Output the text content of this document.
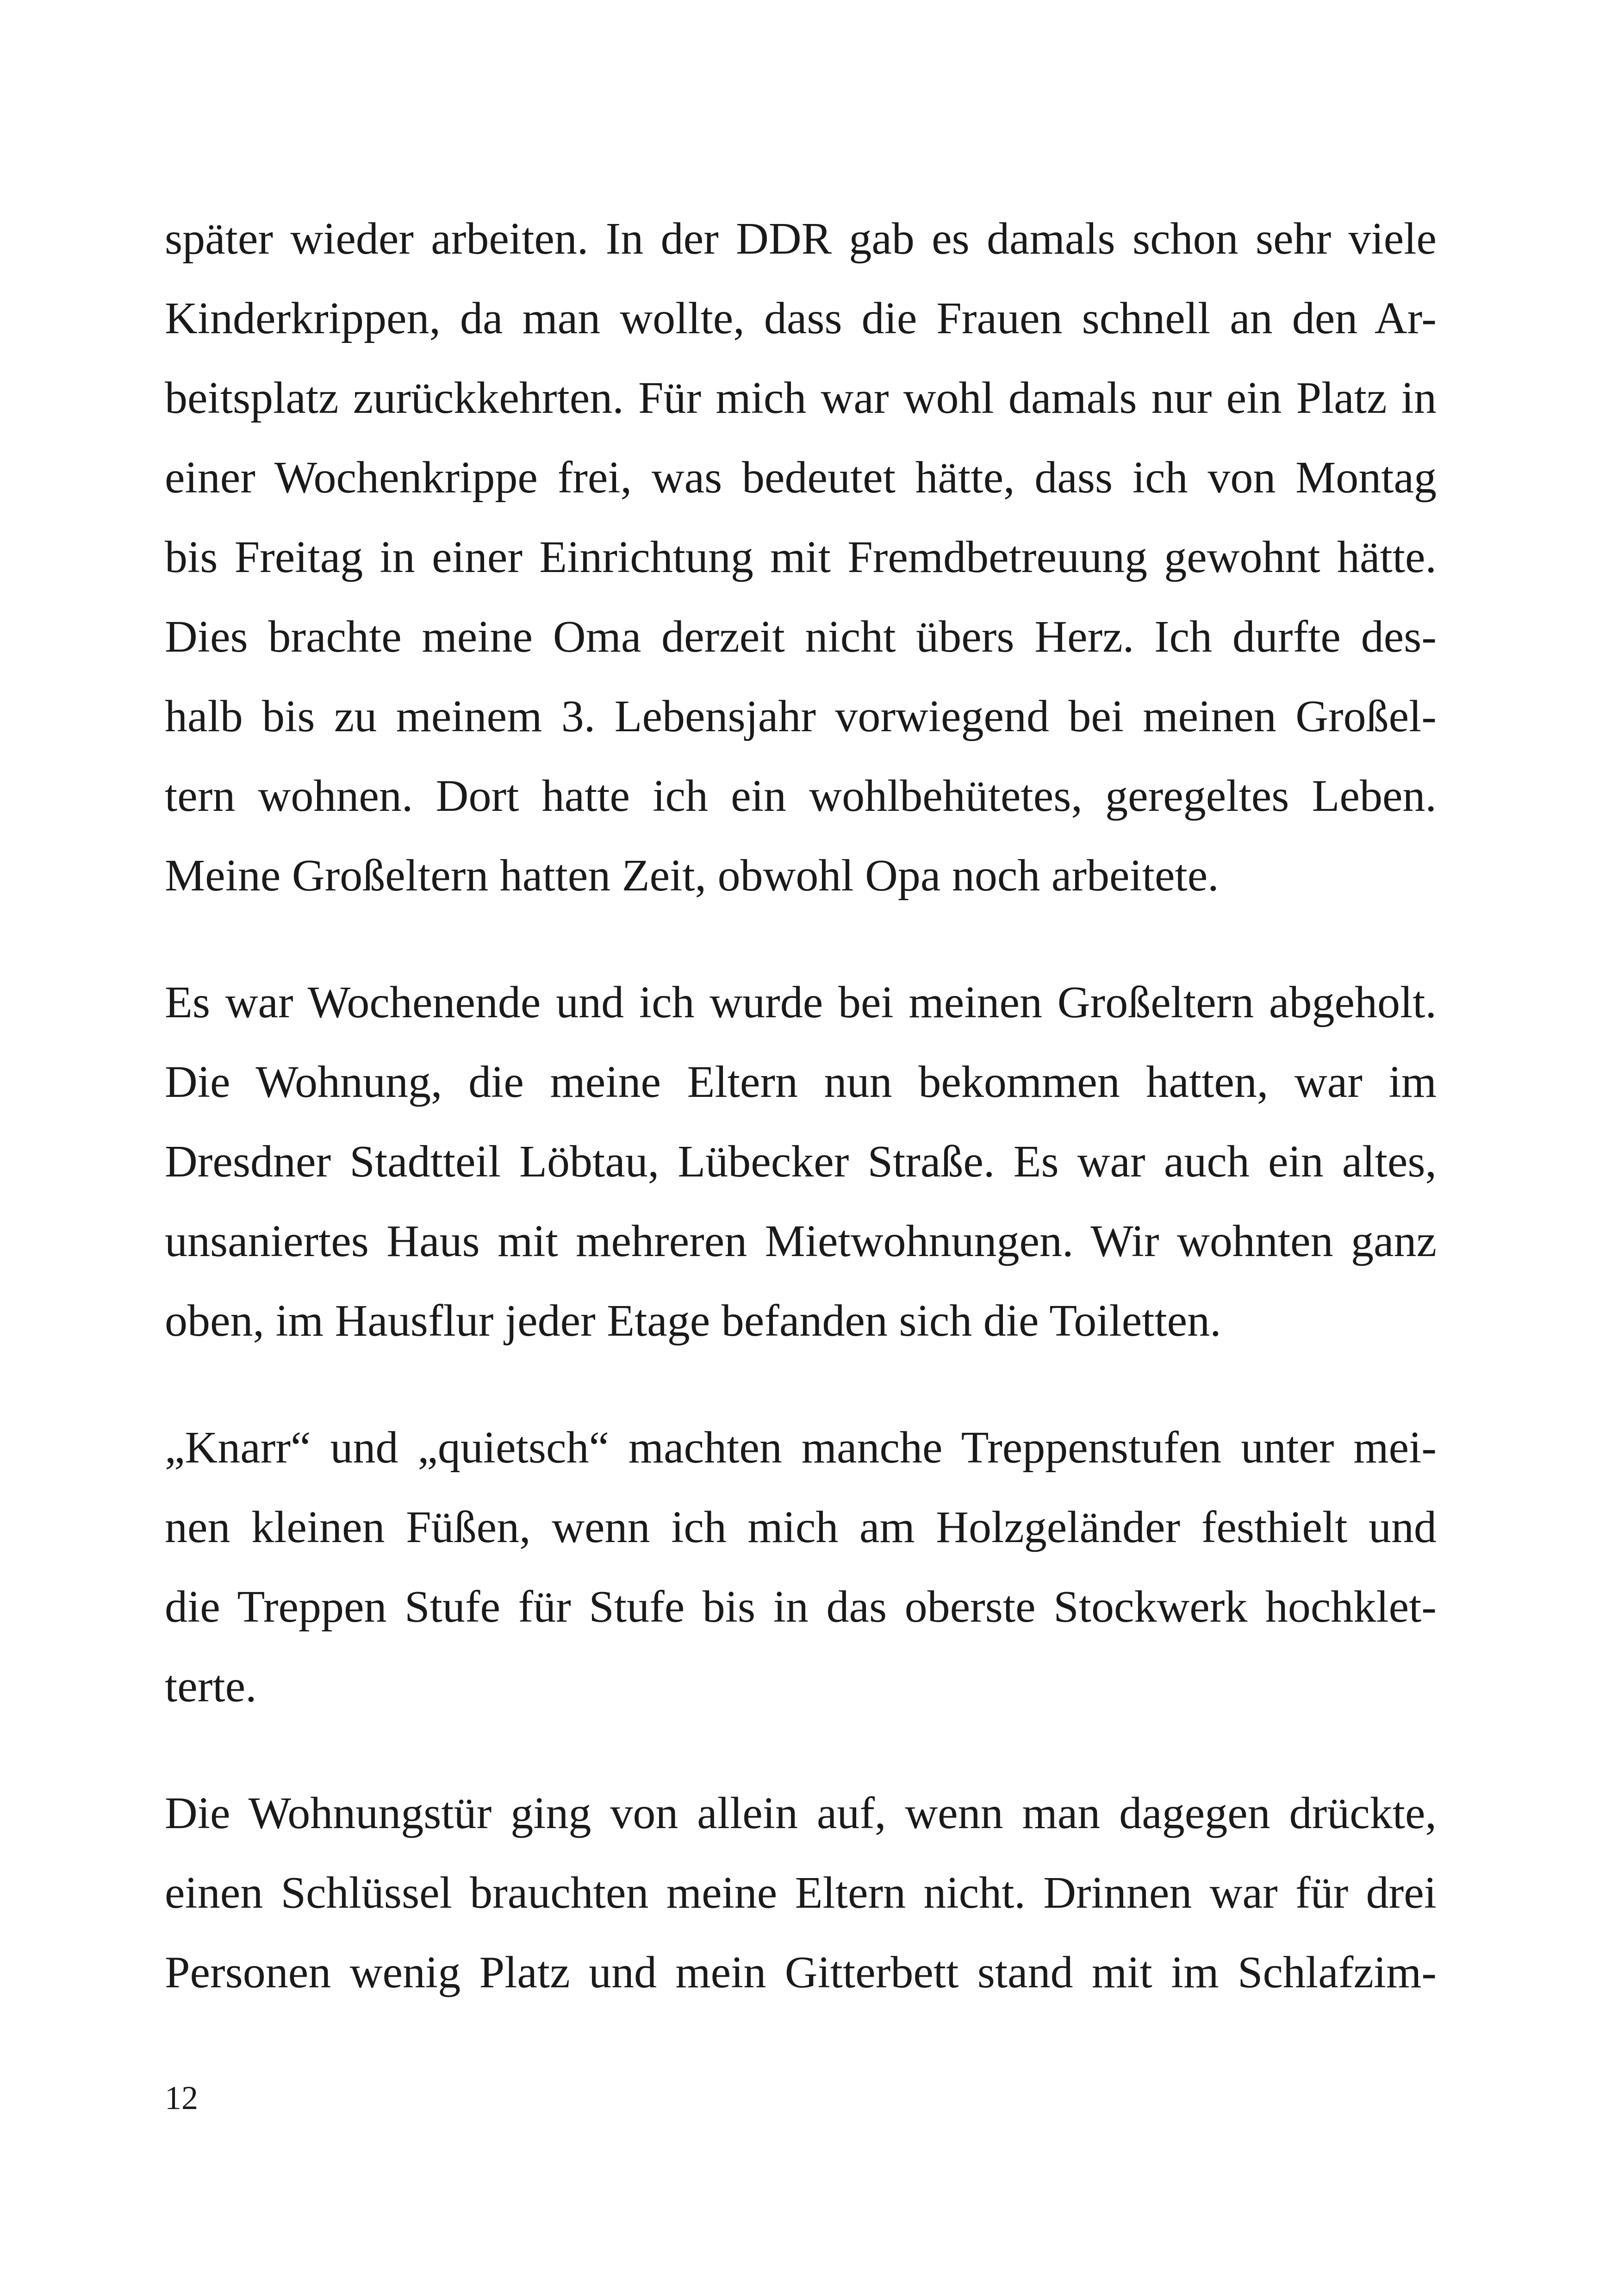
später wieder arbeiten. In der DDR gab es damals schon sehr viele
Kinderkrippen, da man wollte, dass die Frauen schnell an den Ar-
beitsplatz zurückkehrten. Für mich war wohl damals nur ein Platz in
einer Wochenkrippe frei, was bedeutet hätte, dass ich von Montag
bis Freitag in einer Einrichtung mit Fremdbetreuung gewohnt hätte.
Dies brachte meine Oma derzeit nicht übers Herz. Ich durfte des-
halb bis zu meinem 3. Lebensjahr vorwiegend bei meinen Großel-
tern wohnen. Dort hatte ich ein wohlbehütetes, geregeltes Leben.
Meine Großeltern hatten Zeit, obwohl Opa noch arbeitete.
Es war Wochenende und ich wurde bei meinen Großeltern abgeholt.
Die Wohnung, die meine Eltern nun bekommen hatten, war im
Dresdner Stadtteil Löbtau, Lübecker Straße. Es war auch ein altes,
unsaniertes Haus mit mehreren Mietwohnungen. Wir wohnten ganz
oben, im Hausflur jeder Etage befanden sich die Toiletten.
„Knarr“ und „quietsch“ machten manche Treppenstufen unter mei-
nen kleinen Füßen, wenn ich mich am Holzgeländer festhielt und
die Treppen Stufe für Stufe bis in das oberste Stockwerk hochklet-
terte.
Die Wohnungstür ging von allein auf, wenn man dagegen drückte,
einen Schlüssel brauchten meine Eltern nicht. Drinnen war für drei
Personen wenig Platz und mein Gitterbett stand mit im Schlafzim-
12
